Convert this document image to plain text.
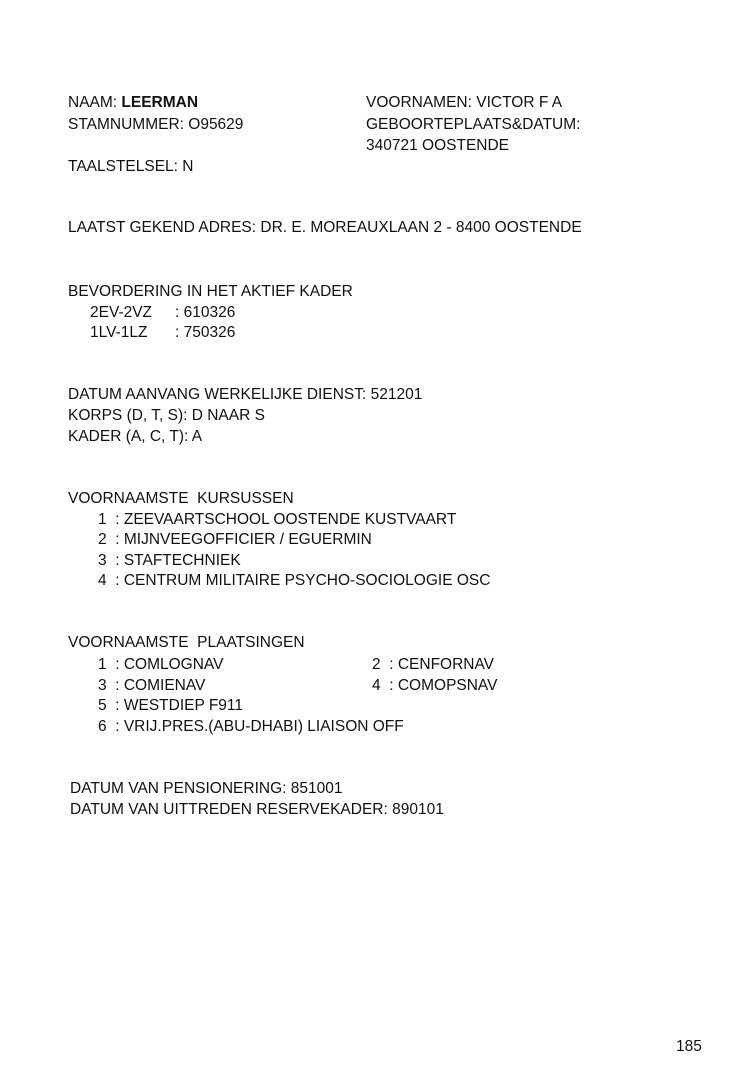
NAAM: LEERMAN
STAMNUMMER: O95629
TAALSTELSEL: N
VOORNAMEN: VICTOR F A
GEBOORTEPLAATS&DATUM:
340721 OOSTENDE
LAATST GEKEND ADRES: DR. E. MOREAUXLAAN 2 - 8400 OOSTENDE
BEVORDERING IN HET AKTIEF KADER
2EV-2VZ : 610326
1LV-1LZ : 750326
DATUM AANVANG WERKELIJKE DIENST: 521201
KORPS (D, T, S): D NAAR S
KADER (A, C, T): A
VOORNAAMSTE  KURSUSSEN
1  : ZEEVAARTSCHOOL OOSTENDE KUSTVAART
2  : MIJNVEEGOFFICIER / EGUERMIN
3  : STAFTECHNIEK
4  : CENTRUM MILITAIRE PSYCHO-SOCIOLOGIE OSC
VOORNAAMSTE  PLAATSINGEN
1  : COMLOGNAV	2  : CENFORNAV
3  : COMIENAV	4  : COMOPSNAV
5  : WESTDIEP F911
6  : VRIJ.PRES.(ABU-DHABI) LIAISON OFF
DATUM VAN PENSIONERING: 851001
DATUM VAN UITTREDEN RESERVEKADER: 890101
185
